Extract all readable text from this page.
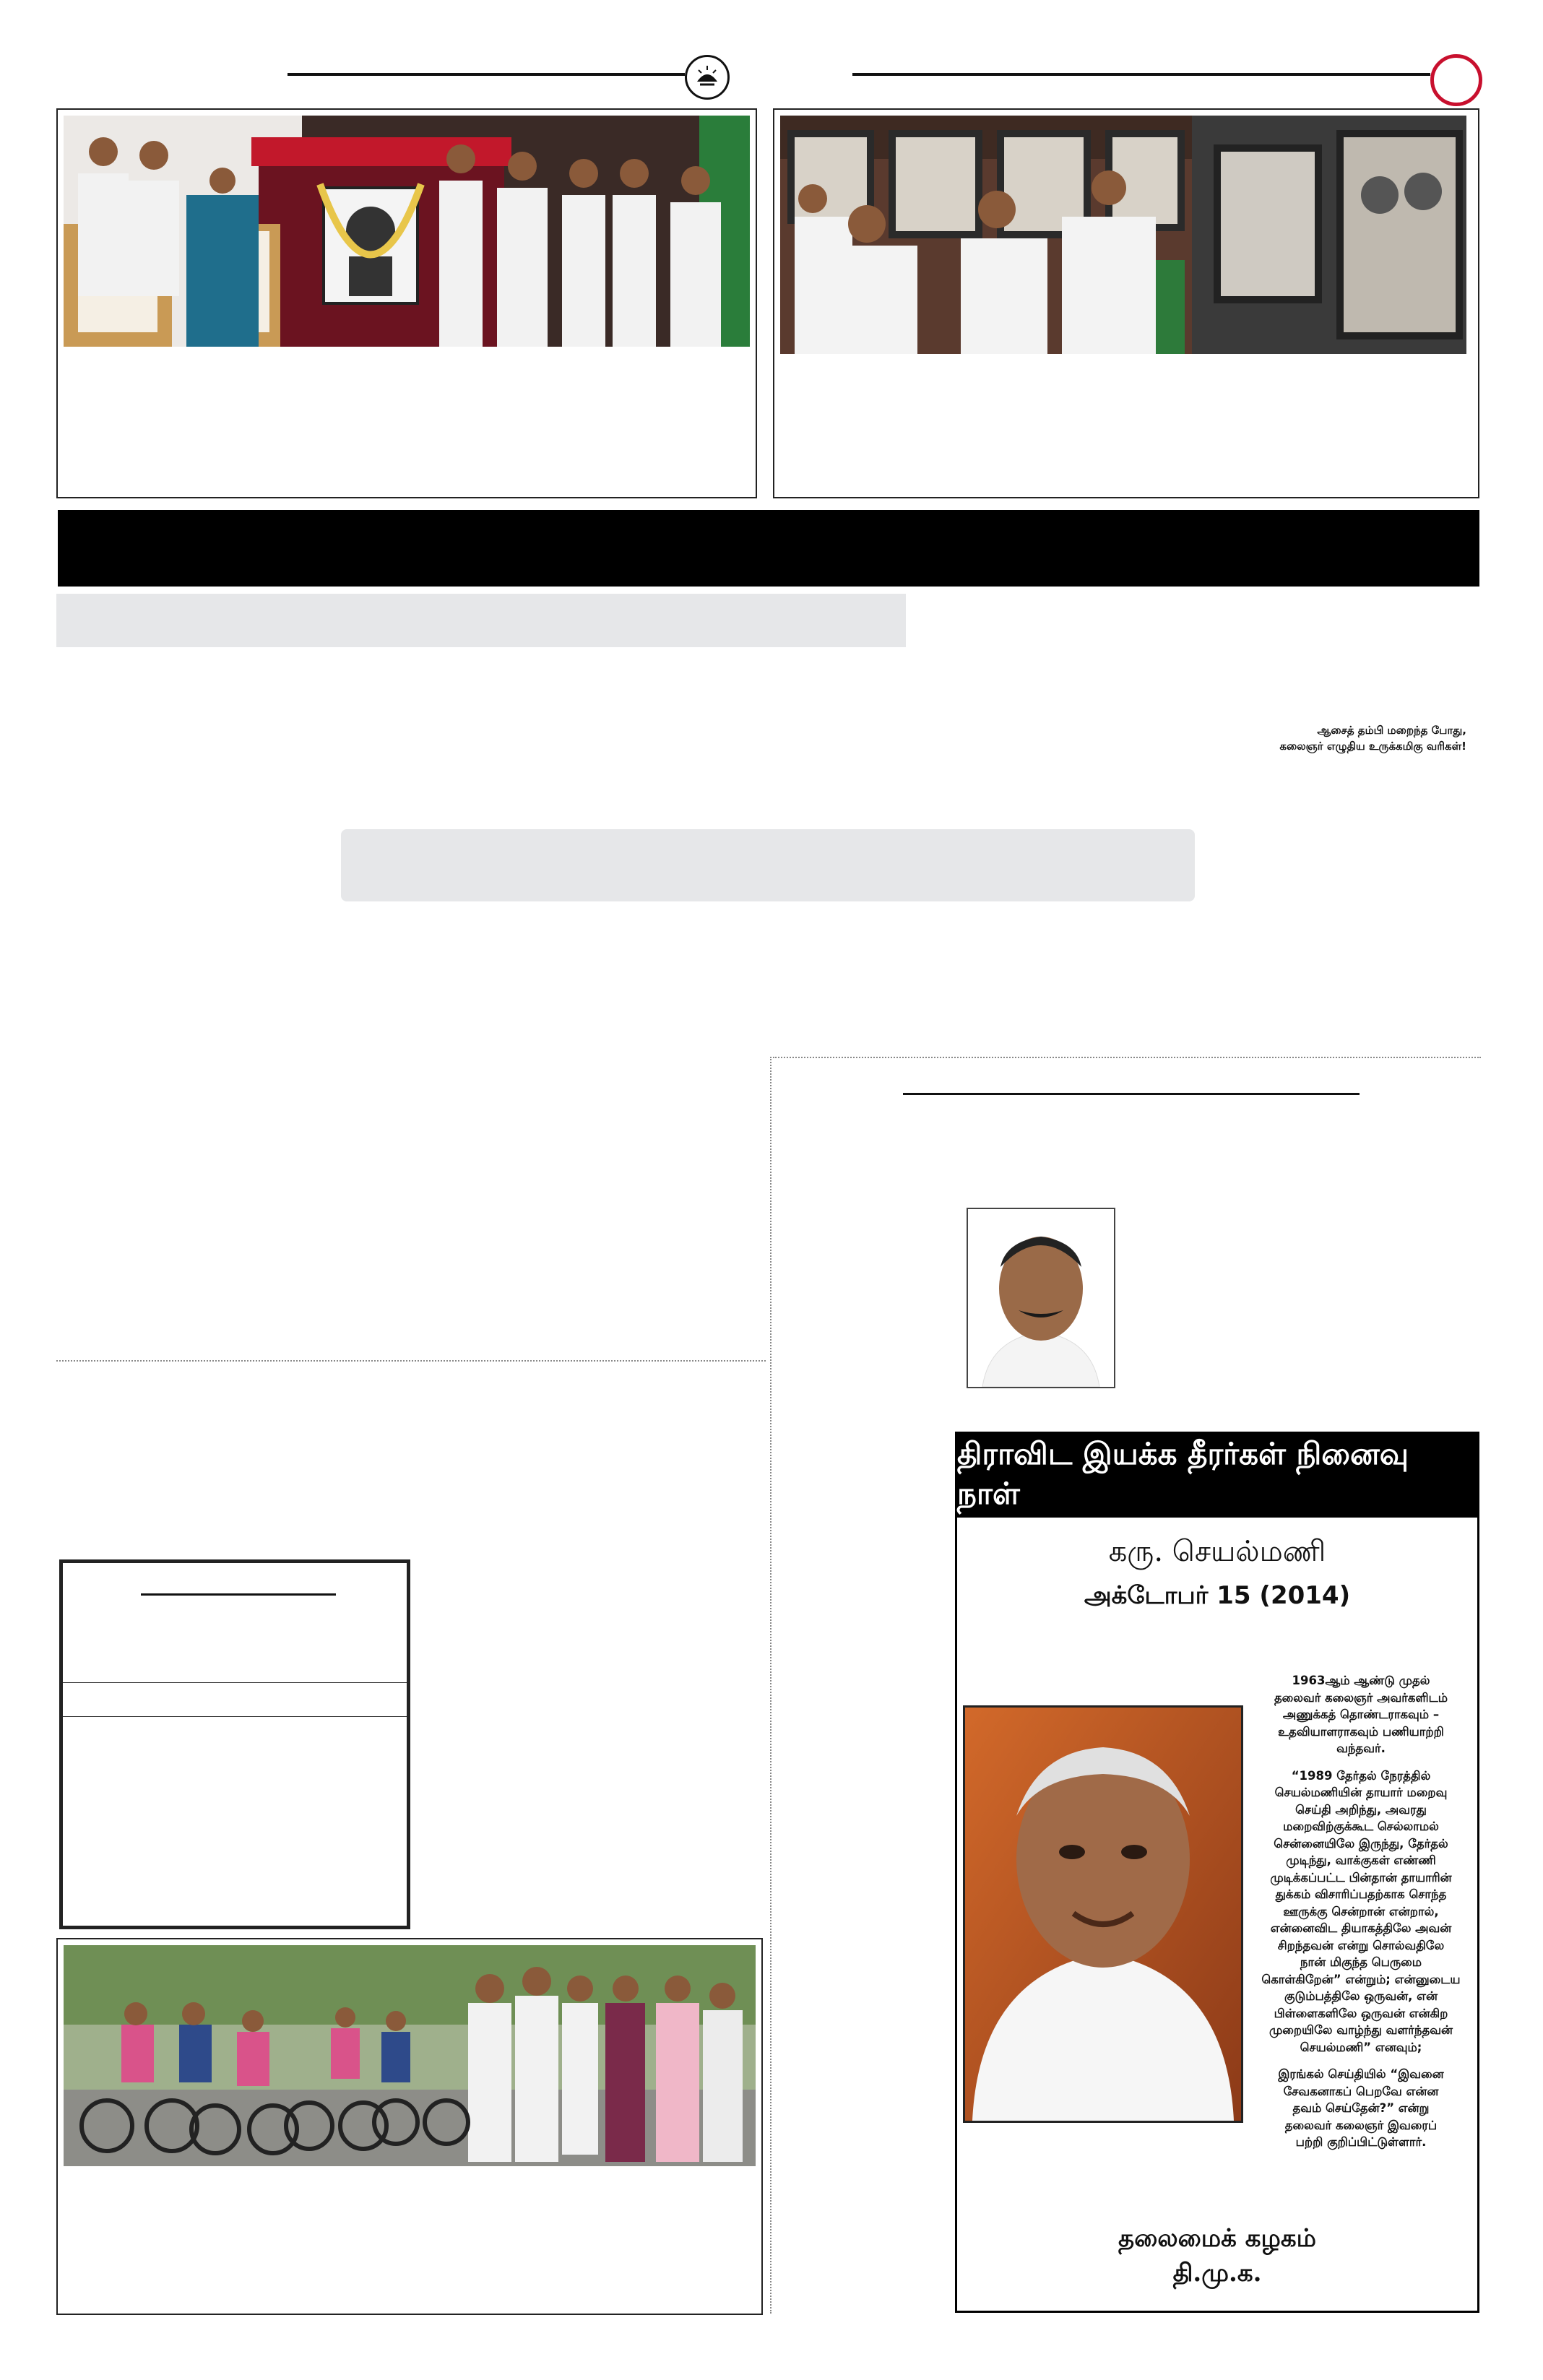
ஆசைத் தம்பி மறைந்த போது,
கலைஞர் எழுதிய உருக்கமிகு வரிகள்!
திராவிட இயக்க தீரர்கள் நினைவு நாள்
கரு. செயல்மணி
அக்டோபர் 15 (2014)
1963ஆம் ஆண்டு முதல்
தலைவர் கலைஞர் அவர்களிடம்
அணுக்கத் தொண்டராகவும் –
உதவியாளராகவும் பணியாற்றி
வந்தவர்.
“1989 தேர்தல் நேரத்தில்
செயல்மணியின் தாயார் மறைவு
செய்தி அறிந்து, அவரது
மறைவிற்குக்கூட செல்லாமல்
சென்னையிலே இருந்து, தேர்தல்
முடிந்து, வாக்குகள் எண்ணி
முடிக்கப்பட்ட பின்தான் தாயாரின்
துக்கம் விசாரிப்பதற்காக சொந்த
ஊருக்கு சென்றான் என்றால்,
என்னைவிட தியாகத்திலே அவன்
சிறந்தவன் என்று சொல்வதிலே
நான் மிகுந்த பெருமை
கொள்கிறேன்” என்றும்; என்னுடைய
குடும்பத்திலே ஒருவன், என்
பிள்ளைகளிலே ஒருவன் என்கிற
முறையிலே வாழ்ந்து வளர்ந்தவன்
செயல்மணி” எனவும்;
இரங்கல் செய்தியில் “இவனை
சேவகனாகப் பெறவே என்ன
தவம் செய்தேன்?” என்று
தலைவர் கலைஞர் இவரைப்
பற்றி குறிப்பிட்டுள்ளார்.
தலைமைக் கழகம்
தி.மு.க.
